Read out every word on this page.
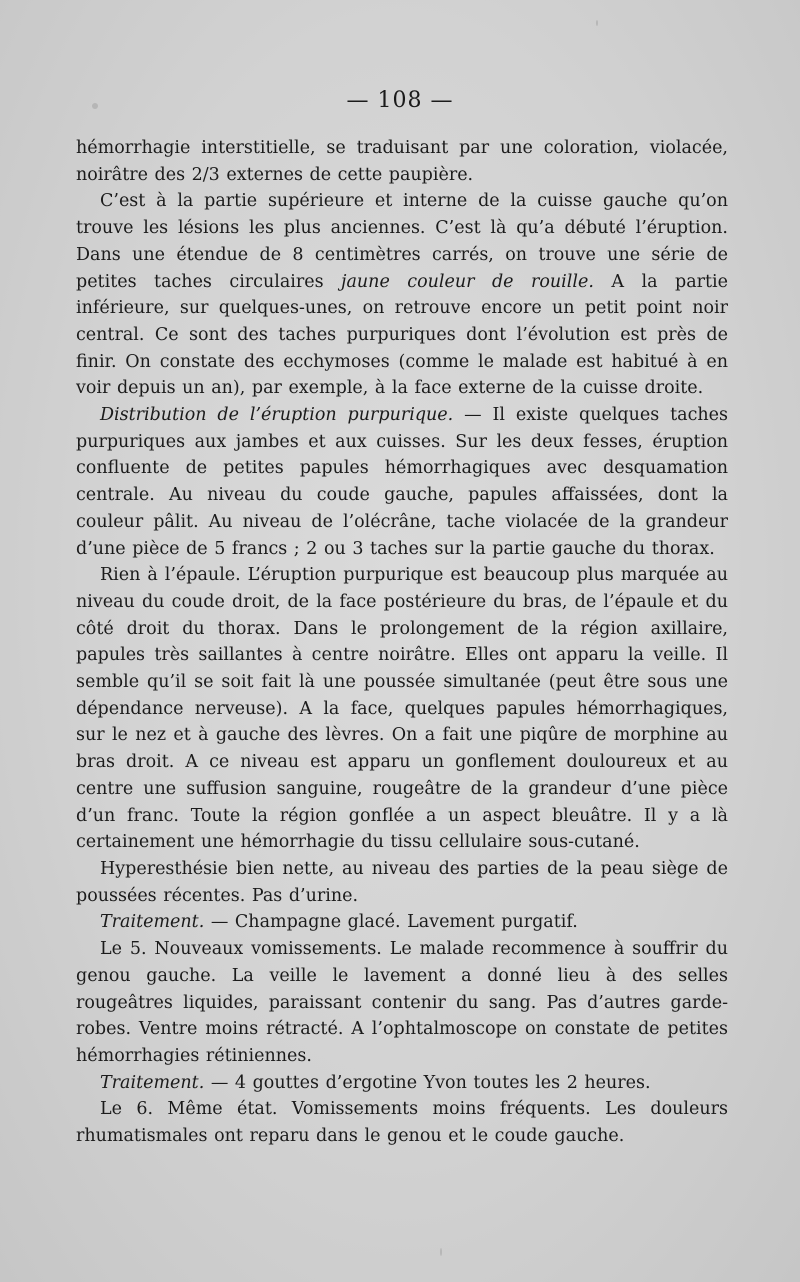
— 108 —

hémorrhagie interstitielle, se traduisant par une coloration, violacée, noirâtre des 2/3 externes de cette paupière.

C’est à la partie supérieure et interne de la cuisse gauche qu’on trouve les lésions les plus anciennes. C’est là qu’a débuté l’éruption. Dans une étendue de 8 centimètres carrés, on trouve une série de petites taches circulaires jaune couleur de rouille. A la partie inférieure, sur quelques-unes, on retrouve encore un petit point noir central. Ce sont des taches purpuriques dont l’évolution est près de finir. On constate des ecchymoses (comme le malade est habitué à en voir depuis un an), par exemple, à la face externe de la cuisse droite.

Distribution de l’éruption purpurique. — Il existe quelques taches purpuriques aux jambes et aux cuisses. Sur les deux fesses, éruption confluente de petites papules hémorrhagiques avec desquamation centrale. Au niveau du coude gauche, papules affaissées, dont la couleur pâlit. Au niveau de l’olécrâne, tache violacée de la grandeur d’une pièce de 5 francs ; 2 ou 3 taches sur la partie gauche du thorax.

Rien à l’épaule. L’éruption purpurique est beaucoup plus marquée au niveau du coude droit, de la face postérieure du bras, de l’épaule et du côté droit du thorax. Dans le prolongement de la région axillaire, papules très saillantes à centre noirâtre. Elles ont apparu la veille. Il semble qu’il se soit fait là une poussée simultanée (peut être sous une dépendance nerveuse). A la face, quelques papules hémorrhagiques, sur le nez et à gauche des lèvres. On a fait une piqûre de morphine au bras droit. A ce niveau est apparu un gonflement douloureux et au centre une suffusion sanguine, rougeâtre de la grandeur d’une pièce d’un franc. Toute la région gonflée a un aspect bleuâtre. Il y a là certainement une hémorrhagie du tissu cellulaire sous-cutané.

Hyperesthésie bien nette, au niveau des parties de la peau siège de poussées récentes. Pas d’urine.

Traitement. — Champagne glacé. Lavement purgatif.

Le 5. Nouveaux vomissements. Le malade recommence à souffrir du genou gauche. La veille le lavement a donné lieu à des selles rougeâtres liquides, paraissant contenir du sang. Pas d’autres garde-robes. Ventre moins rétracté. A l’ophtalmoscope on constate de petites hémorrhagies rétiniennes.

Traitement. — 4 gouttes d’ergotine Yvon toutes les 2 heures.

Le 6. Même état. Vomissements moins fréquents. Les douleurs rhumatismales ont reparu dans le genou et le coude gauche.
